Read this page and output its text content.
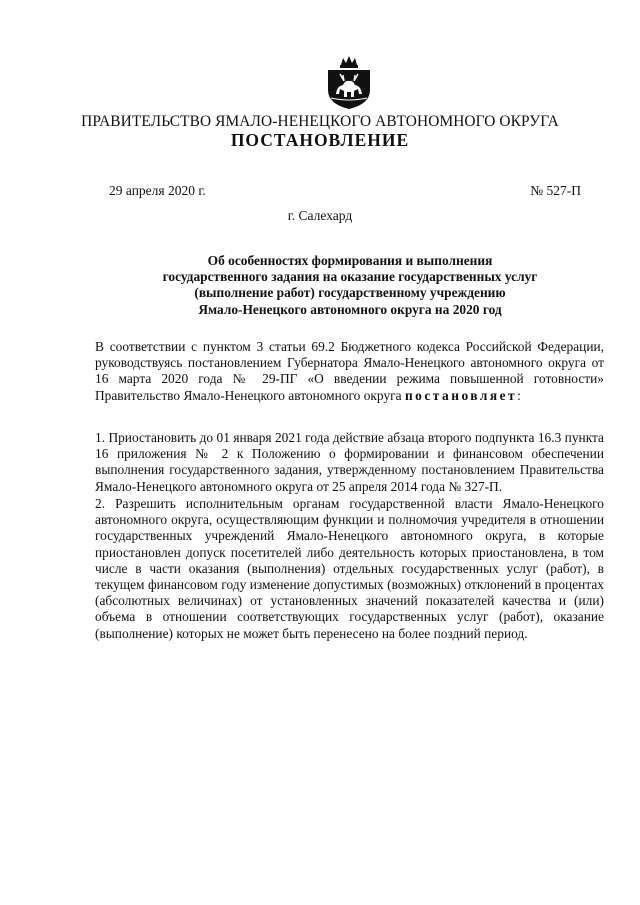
ПРАВИТЕЛЬСТВО ЯМАЛО-НЕНЕЦКОГО АВТОНОМНОГО ОКРУГА
ПОСТАНОВЛЕНИЕ
29 апреля 2020 г.	№ 527-П
г. Салехард
Об особенностях формирования и выполнения
государственного задания на оказание государственных услуг
(выполнение работ) государственному учреждению
Ямало-Ненецкого автономного округа на 2020 год
В соответствии с пунктом 3 статьи 69.2 Бюджетного кодекса Российской Федерации, руководствуясь постановлением Губернатора Ямало-Ненецкого автономного округа от 16 марта 2020 года № 29-ПГ «О введении режима повышенной готовности» Правительство Ямало-Ненецкого автономного округа постановляет:
1. Приостановить до 01 января 2021 года действие абзаца второго подпункта 16.3 пункта 16 приложения № 2 к Положению о формировании и финансовом обеспечении выполнения государственного задания, утвержденному постановлением Правительства Ямало-Ненецкого автономного округа от 25 апреля 2014 года № 327-П.
2. Разрешить исполнительным органам государственной власти Ямало-Ненецкого автономного округа, осуществляющим функции и полномочия учредителя в отношении государственных учреждений Ямало-Ненецкого автономного округа, в которые приостановлен допуск посетителей либо деятельность которых приостановлена, в том числе в части оказания (выполнения) отдельных государственных услуг (работ), в текущем финансовом году изменение допустимых (возможных) отклонений в процентах (абсолютных величинах) от установленных значений показателей качества и (или) объема в отношении соответствующих государственных услуг (работ), оказание (выполнение) которых не может быть перенесено на более поздний период.
